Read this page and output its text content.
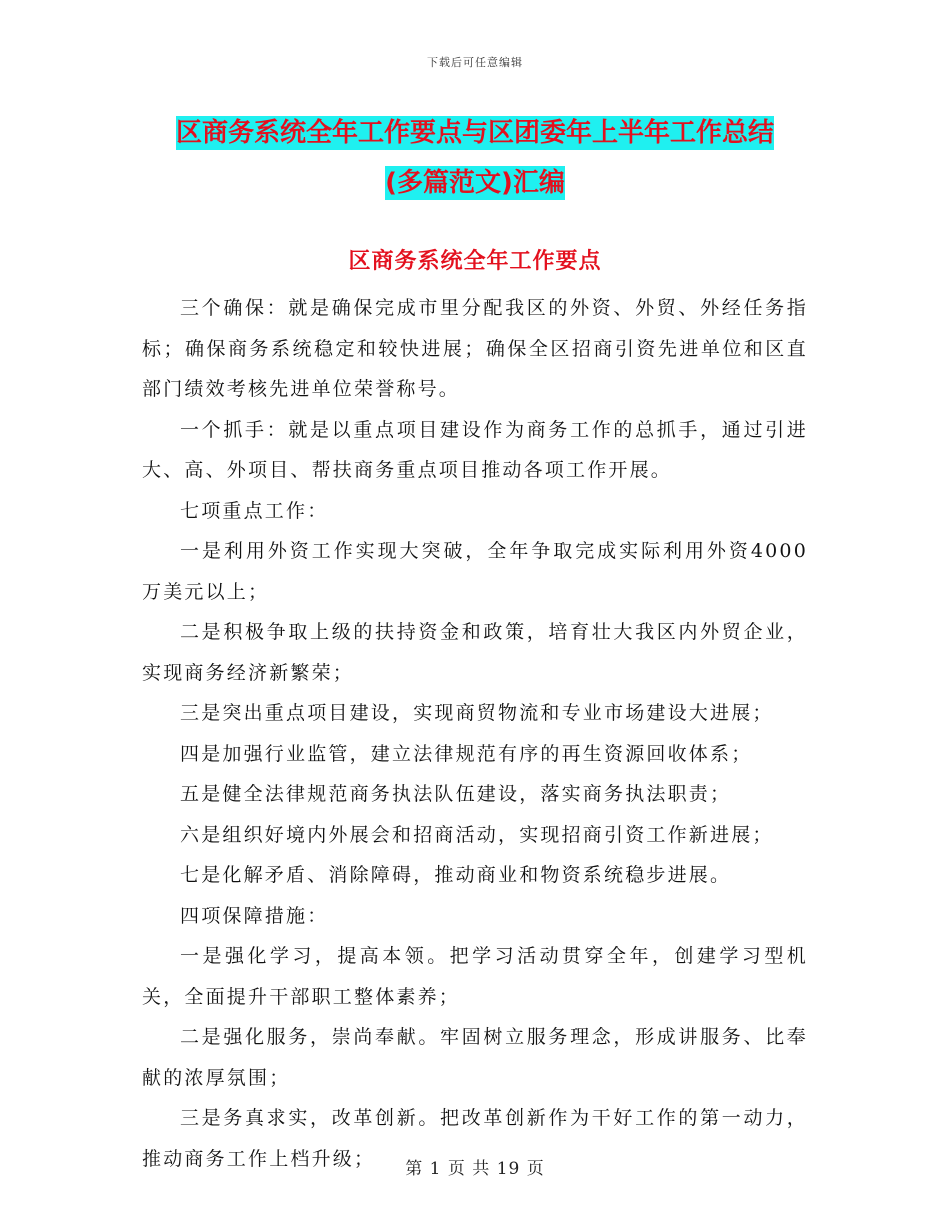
下载后可任意编辑
区商务系统全年工作要点与区团委年上半年工作总结
(多篇范文)汇编
区商务系统全年工作要点

三个确保：就是确保完成市里分配我区的外资、外贸、外经任务指标；确保商务系统稳定和较快进展；确保全区招商引资先进单位和区直部门绩效考核先进单位荣誉称号。

一个抓手：就是以重点项目建设作为商务工作的总抓手，通过引进大、高、外项目、帮扶商务重点项目推动各项工作开展。

七项重点工作：

一是利用外资工作实现大突破，全年争取完成实际利用外资4000万美元以上；

二是积极争取上级的扶持资金和政策，培育壮大我区内外贸企业，实现商务经济新繁荣；

三是突出重点项目建设，实现商贸物流和专业市场建设大进展；

四是加强行业监管，建立法律规范有序的再生资源回收体系；

五是健全法律规范商务执法队伍建设，落实商务执法职责；

六是组织好境内外展会和招商活动，实现招商引资工作新进展；

七是化解矛盾、消除障碍，推动商业和物资系统稳步进展。

四项保障措施：

一是强化学习，提高本领。把学习活动贯穿全年，创建学习型机关，全面提升干部职工整体素养；

二是强化服务，崇尚奉献。牢固树立服务理念，形成讲服务、比奉献的浓厚氛围；

三是务真求实，改革创新。把改革创新作为干好工作的第一动力，推动商务工作上档升级；	第 1 页 共 19 页
